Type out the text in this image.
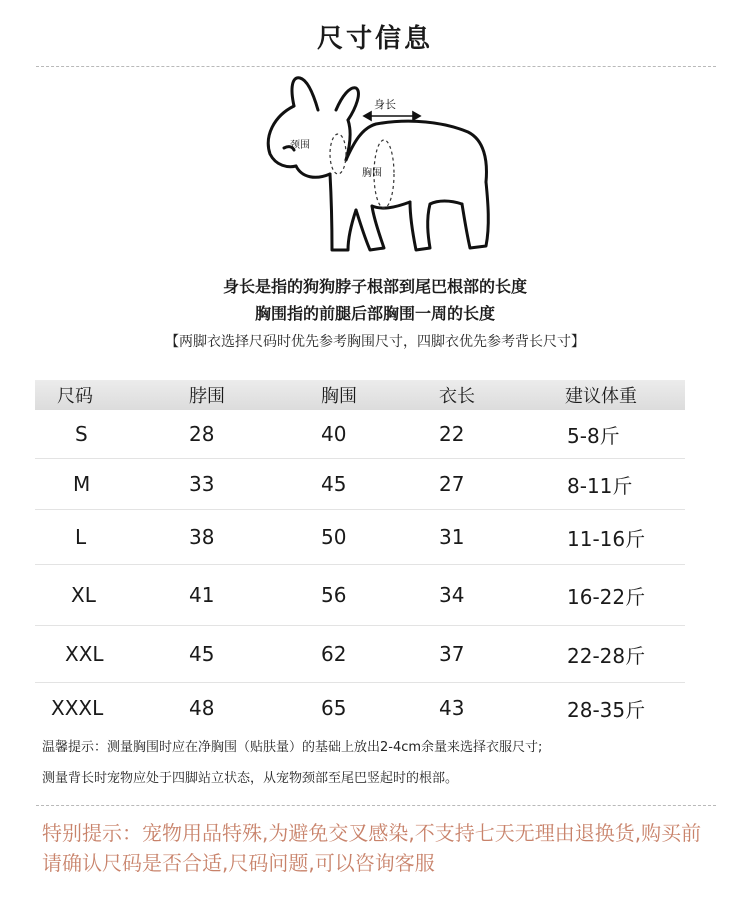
尺寸信息
身长
颈围
胸围
身长是指的狗狗脖子根部到尾巴根部的长度
胸围指的前腿后部胸围一周的长度
【两脚衣选择尺码时优先参考胸围尺寸，四脚衣优先参考背长尺寸】
尺码	脖围	胸围	衣长	建议体重
S	28	40	22	5-8斤
M	33	45	27	8-11斤
L	38	50	31	11-16斤
XL	41	56	34	16-22斤
XXL	45	62	37	22-28斤
XXXL	48	65	43	28-35斤
温馨提示：测量胸围时应在净胸围（贴肤量）的基础上放出2-4cm余量来选择衣服尺寸;
测量背长时宠物应处于四脚站立状态，从宠物颈部至尾巴竖起时的根部。
特别提示：宠物用品特殊,为避免交叉感染,不支持七天无理由退换货,购买前请确认尺码是否合适,尺码问题,可以咨询客服
